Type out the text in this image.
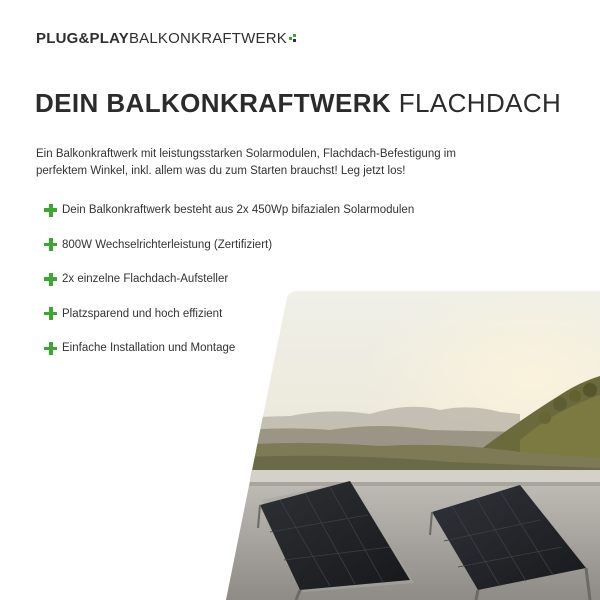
PLUG&PLAY BALKONKRAFTWERK
DEIN BALKONKRAFTWERK FLACHDACH

Ein Balkonkraftwerk mit leistungsstarken Solarmodulen, Flachdach-Befestigung im perfektem Winkel, inkl. allem was du zum Starten brauchst! Leg jetzt los!

Dein Balkonkraftwerk besteht aus 2x 450Wp bifazialen Solarmodulen
800W Wechselrichterleistung (Zertifiziert)
2x einzelne Flachdach-Aufsteller
Platzsparend und hoch effizient
Einfache Installation und Montage
